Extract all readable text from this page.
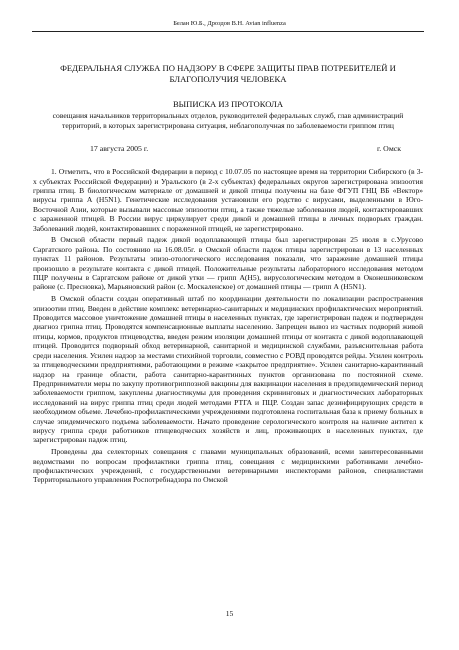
Белан Ю.Б., Дроздов В.Н. Avian influenza

ФЕДЕРАЛЬНАЯ СЛУЖБА ПО НАДЗОРУ В СФЕРЕ ЗАЩИТЫ ПРАВ ПОТРЕБИТЕЛЕЙ И БЛАГОПОЛУЧИЯ ЧЕЛОВЕКА

ВЫПИСКА ИЗ ПРОТОКОЛА

совещания начальников территориальных отделов, руководителей федеральных служб, глав администраций территорий, в которых зарегистрирована ситуация, неблагополучная по заболеваемости гриппом птиц

17 августа 2005 г.	г. Омск

1. Отметить, что в Российской Федерации в период с 10.07.05 по настоящее время на территории Сибирского (в 3-х субъектах Российской Федерации) и Уральского (в 2-х субъектах) федеральных округов зарегистрирована эпизоотия гриппа птиц. В биологическом материале от домашней и дикой птицы получены на базе ФГУП ГНЦ ВБ «Вектор» вирусы гриппа А (H5N1). Генетические исследования установили его родство с вирусами, выделенными в Юго-Восточной Азии, которые вызывали массовые эпизоотии птиц, а также тяжелые заболевания людей, контактировавших с зараженной птицей. В России вирус циркулирует среди дикой и домашней птицы в личных подворьях граждан. Заболеваний людей, контактировавших с пораженной птицей, не зарегистрировано.

В Омской области первый падеж дикой водоплавающей птицы был зарегистрирован 25 июля в с.Урусово Саргатского района. По состоянию на 16.08.05г. в Омской области падеж птицы зарегистрирован в 13 населенных пунктах 11 районов. Результаты эпизо-отологического исследования показали, что заражение домашней птицы произошло в результате контакта с дикой птицей. Положительные результаты лабораторного исследования методом ПЦР получены в Саргатском районе от дикой утки — грипп А(Н5), вирусологическим методом в Оконешниковском районе (с. Пресновка), Марьяновский район (с. Москаленское) от домашней птицы — грипп А (H5N1).

В Омской области создан оперативный штаб по координации деятельности по локализации распространения эпизоотии птиц. Введен в действие комплекс ветеринарно-санитарных и медицинских профилактических мероприятий. Проводится массовое уничтожение домашней птицы в населенных пунктах, где зарегистрирован падеж и подтвержден диагноз грипна птиц. Проводятся компенсационные выплаты населению. Запрещен вывоз из частных подворий живой птицы, кормов, продуктов птицеводства, введен режим изоляции домашней птицы от контакта с дикой водоплавающей птицей. Проводится подворный обход ветеринарной, санитарной и медицинской службами, разъяснительная работа среди населения. Усилен надзор за местами стихийной торговли, совместно с РОВД проводятся рейды. Усилен контроль за птицеводческими предприятиями, работающими в режиме «закрытое предприятие». Усилен санитарно-карантинный надзор на границе области, работа санитарно-карантинных пунктов организована по постоянной схеме. Предприниматели меры по закупу противогриппозной вакцины для вакцинации населения в предэпидемический период заболеваемости гриппом, закуплены диагностикумы для проведения скрининговых и диагностических лабораторных исследований на вирус гриппа птиц среди людей методами РТГА и ПЦР. Создан запас дезинфицирующих средств в необходимом объеме. Лечебно-профилактическими учреждениями подготовлена госпитальная база к приему больных в случае эпидемического подъема заболеваемости. Начато проведение серологического контроля на наличие антител к вирусу гриппа среди работников птицеводческих хозяйств и лиц, проживающих в населенных пунктах, где зарегистрирован падеж птиц.

Проведены два селекторных совещания с главами муниципальных образований, всеми заинтересованными ведомствами по вопросам профилактики гриппа птиц, совещания с медицинскими работниками лечебно-профилактических учреждений, с государственными ветеринарными инспекторами районов, специалистами Территориального управления Роспотребнадзора по Омской

15
